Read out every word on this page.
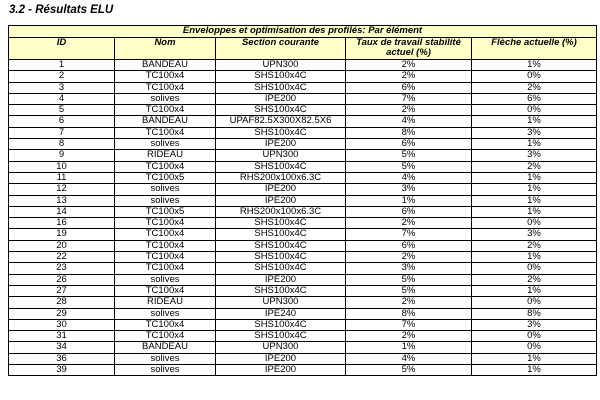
3.2 - Résultats ELU
Enveloppes et optimisation des profilés: Par élément				
ID	Nom	Section courante	Taux de travail stabilité actuel (%)	Flèche actuelle (%)
1	BANDEAU	UPN300	2%	1%
2	TC100x4	SHS100x4C	2%	0%
3	TC100x4	SHS100x4C	6%	2%
4	solives	IPE200	7%	6%
5	TC100x4	SHS100x4C	2%	0%
6	BANDEAU	UPAF82.5X300X82.5X6	4%	1%
7	TC100x4	SHS100x4C	8%	3%
8	solives	IPE200	6%	1%
9	RIDEAU	UPN300	5%	3%
10	TC100x4	SHS100x4C	5%	2%
11	TC100x5	RHS200x100x6.3C	4%	1%
12	solives	IPE200	3%	1%
13	solives	IPE200	1%	1%
14	TC100x5	RHS200x100x6.3C	6%	1%
16	TC100x4	SHS100x4C	2%	0%
19	TC100x4	SHS100x4C	7%	3%
20	TC100x4	SHS100x4C	6%	2%
22	TC100x4	SHS100x4C	2%	1%
23	TC100x4	SHS100x4C	3%	0%
26	solives	IPE200	5%	2%
27	TC100x4	SHS100x4C	5%	1%
28	RIDEAU	UPN300	2%	0%
29	solives	IPE240	8%	8%
30	TC100x4	SHS100x4C	7%	3%
31	TC100x4	SHS100x4C	2%	0%
34	BANDEAU	UPN300	1%	0%
36	solives	IPE200	4%	1%
39	solives	IPE200	5%	1%
